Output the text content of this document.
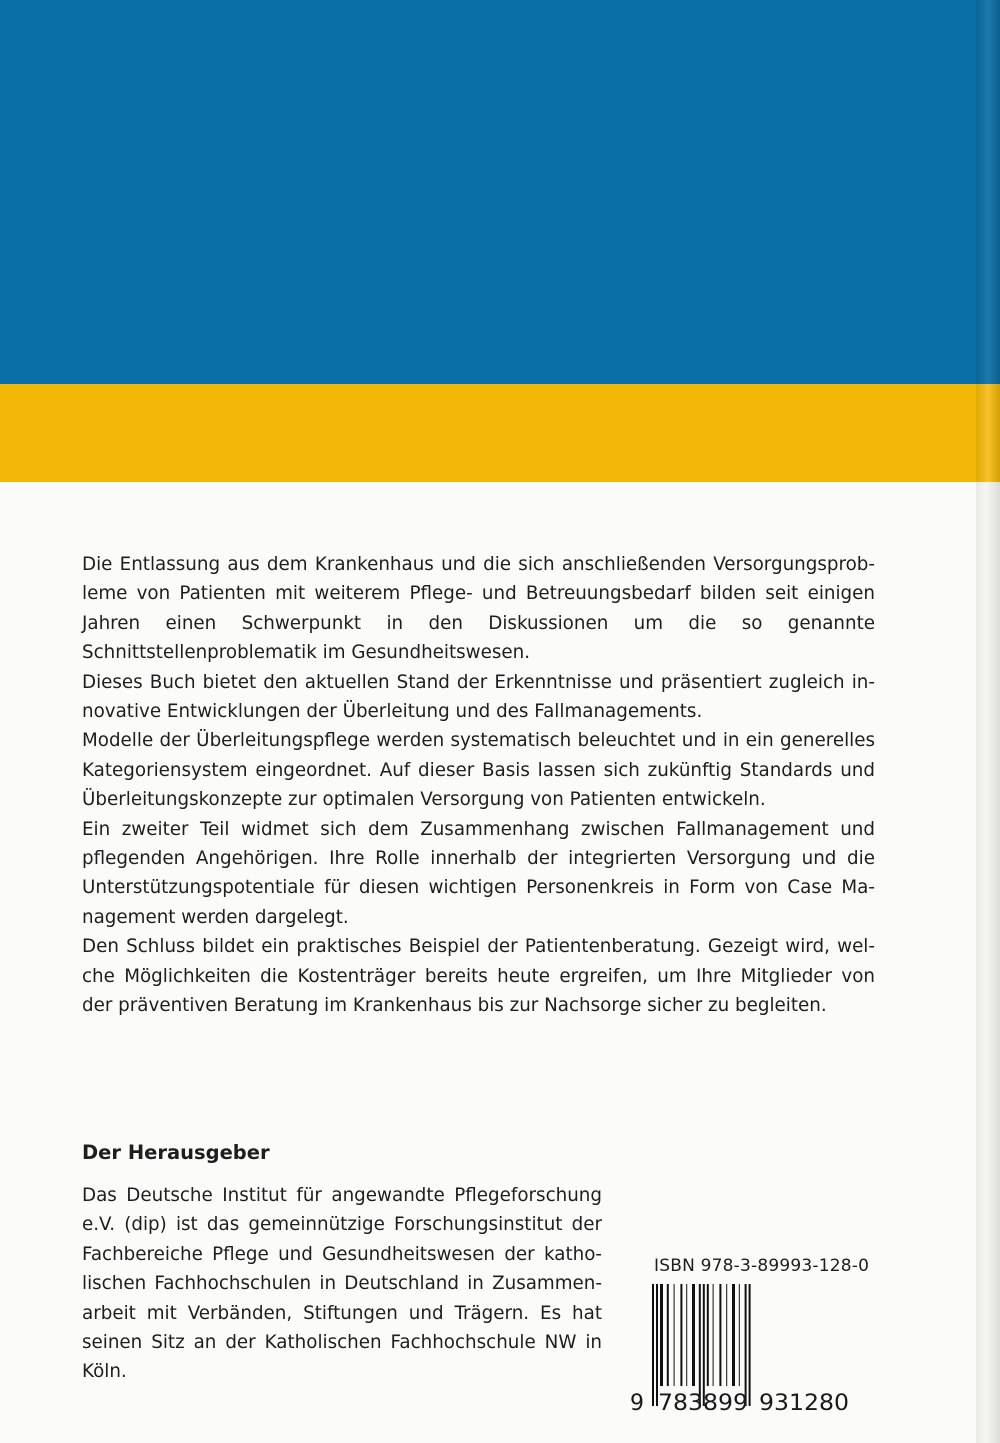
Die Entlassung aus dem Krankenhaus und die sich anschließenden Versorgungsprobleme von Patienten mit weiterem Pflege- und Betreuungsbedarf bilden seit einigen Jahren einen Schwerpunkt in den Diskussionen um die so genannte Schnittstellenproblematik im Gesundheitswesen.

Dieses Buch bietet den aktuellen Stand der Erkenntnisse und präsentiert zugleich innovative Entwicklungen der Überleitung und des Fallmanagements.

Modelle der Überleitungspflege werden systematisch beleuchtet und in ein generelles Kategoriensystem eingeordnet. Auf dieser Basis lassen sich zukünftig Standards und Überleitungskonzepte zur optimalen Versorgung von Patienten entwickeln.

Ein zweiter Teil widmet sich dem Zusammenhang zwischen Fallmanagement und pflegenden Angehörigen. Ihre Rolle innerhalb der integrierten Versorgung und die Unterstützungspotentiale für diesen wichtigen Personenkreis in Form von Case Management werden dargelegt.

Den Schluss bildet ein praktisches Beispiel der Patientenberatung. Gezeigt wird, welche Möglichkeiten die Kostenträger bereits heute ergreifen, um Ihre Mitglieder von der präventiven Beratung im Krankenhaus bis zur Nachsorge sicher zu begleiten.

Der Herausgeber

Das Deutsche Institut für angewandte Pflegeforschung e.V. (dip) ist das gemeinnützige Forschungsinstitut der Fachbereiche Pflege und Gesundheitswesen der katholischen Fachhochschulen in Deutschland in Zusammenarbeit mit Verbänden, Stiftungen und Trägern. Es hat seinen Sitz an der Katholischen Fachhochschule NW in Köln.

ISBN 978-3-89993-128-0
9 783899 931280
